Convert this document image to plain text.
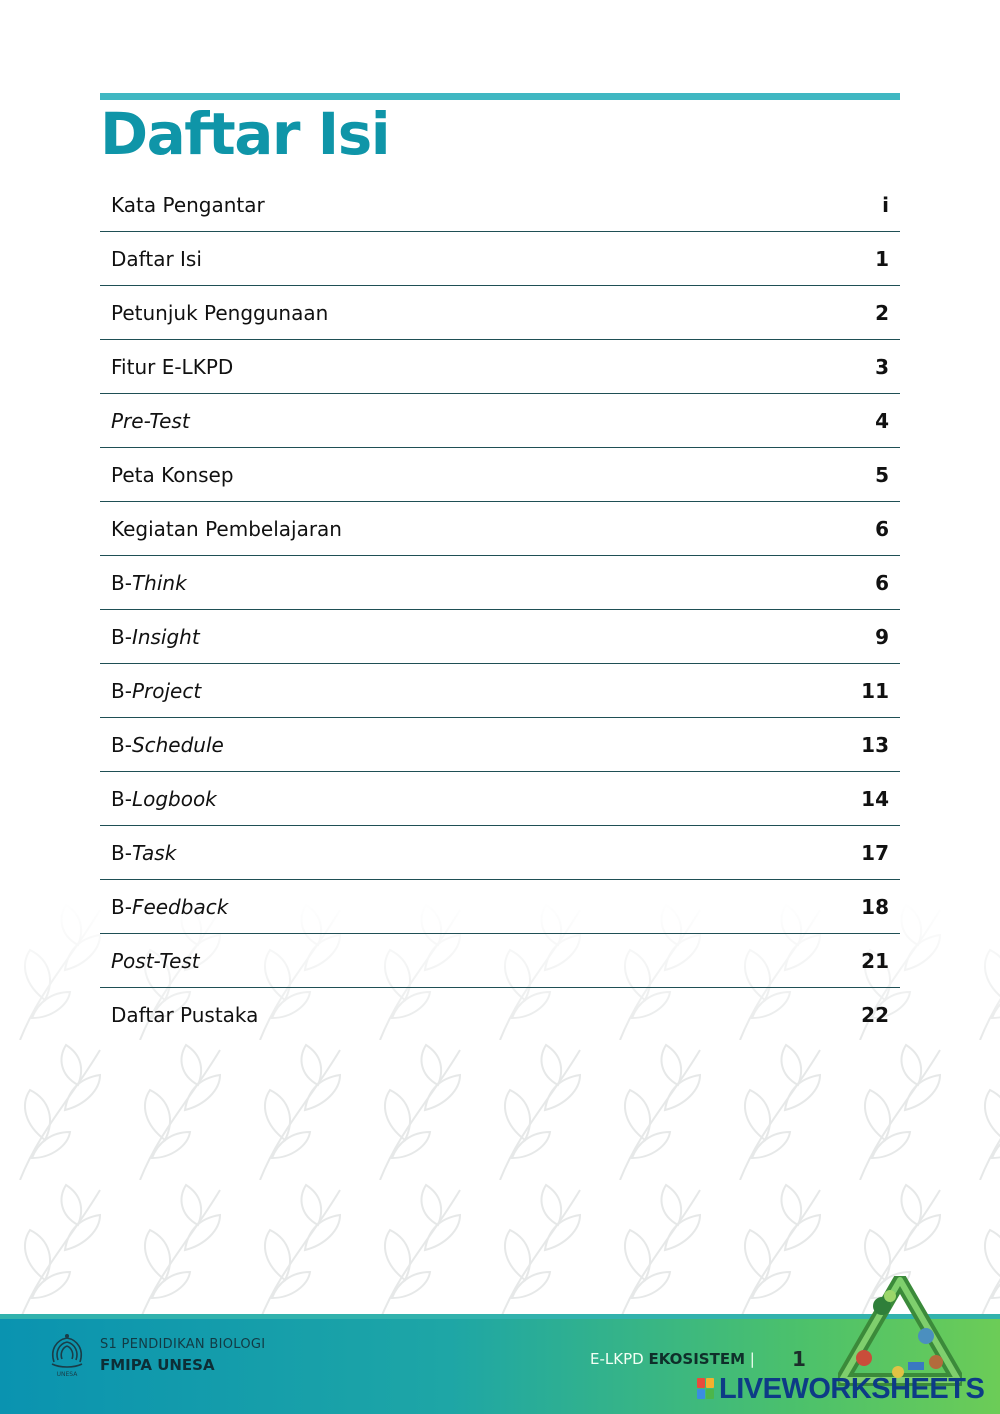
Daftar Isi
Kata Pengantar	i
Daftar Isi	1
Petunjuk Penggunaan	2
Fitur E-LKPD	3
Pre-Test	4
Peta Konsep	5
Kegiatan Pembelajaran	6
B-Think	6
B-Insight	9
B-Project	11
B-Schedule	13
B-Logbook	14
B-Task	17
B-Feedback	18
Post-Test	21
Daftar Pustaka	22
UNESA
S1 PENDIDIKAN BIOLOGI
FMIPA UNESA	E-LKPD EKOSISTEM | 1
LIVEWORKSHEETS
